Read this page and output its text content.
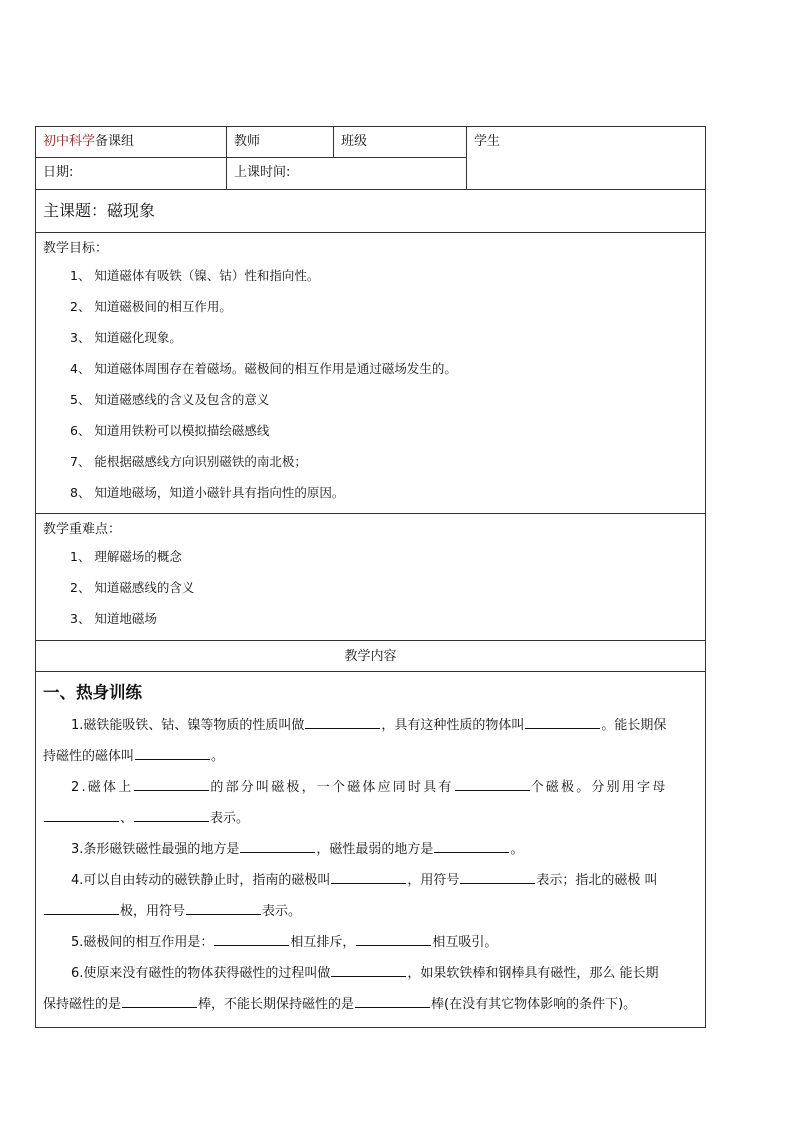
初中科学备课组	教师	班级	学生
日期:	上课时间:
主课题：磁现象
教学目标：
1、 知道磁体有吸铁（镍、钴）性和指向性。
2、 知道磁极间的相互作用。
3、 知道磁化现象。
4、 知道磁体周围存在着磁场。磁极间的相互作用是通过磁场发生的。
5、 知道磁感线的含义及包含的意义
6、 知道用铁粉可以模拟描绘磁感线
7、 能根据磁感线方向识别磁铁的南北极；
8、 知道地磁场，知道小磁针具有指向性的原因。
教学重难点：
1、 理解磁场的概念
2、 知道磁感线的含义
3、 知道地磁场
教学内容
一、热身训练
1.磁铁能吸铁、钴、镍等物质的性质叫做	，具有这种性质的物体叫	。能长期保
持磁性的磁体叫	。
2.磁体上	的部分叫磁极，一个磁体应同时具有	个磁极。分别用字母
、	表示。
3.条形磁铁磁性最强的地方是	，磁性最弱的地方是	。
4.可以自由转动的磁铁静止时，指南的磁极叫	，用符号	表示；指北的磁极 叫
极，用符号	表示。
5.磁极间的相互作用是：	相互排斥，	相互吸引。
6.使原来没有磁性的物体获得磁性的过程叫做	，如果软铁棒和钢棒具有磁性，那么 能长期
保持磁性的是	棒，不能长期保持磁性的是	棒(在没有其它物体影响的条件下)。
